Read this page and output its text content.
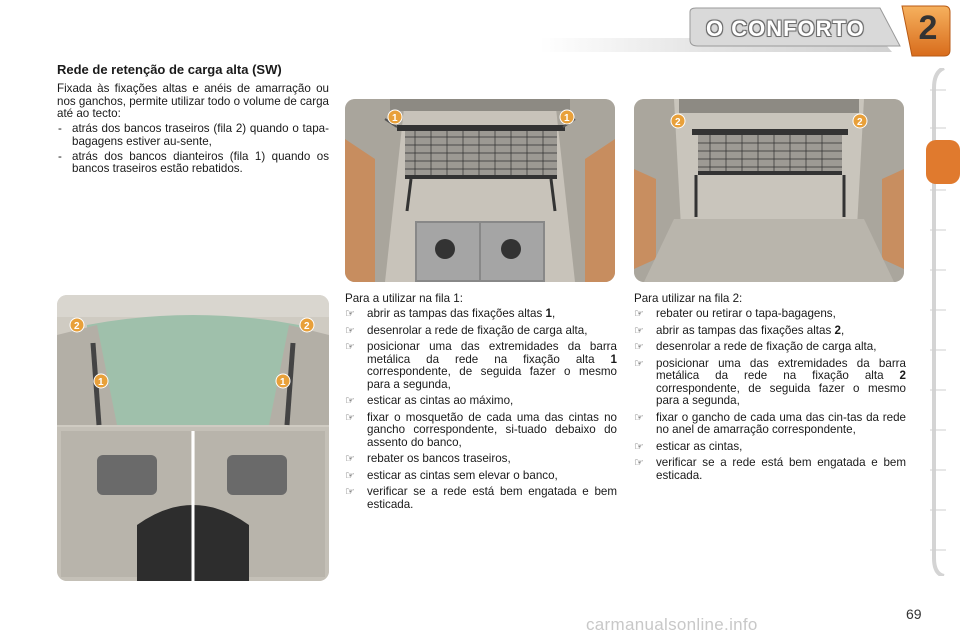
O CONFORTO 2
Rede de retenção de carga alta (SW)

Fixada às fixações altas e anéis de amarração ou nos ganchos, permite utilizar todo o volume de carga até ao tecto:

- atrás dos bancos traseiros (fila 2) quando o tapa-bagagens estiver au-sente,
- atrás dos bancos dianteiros (fila 1) quando os bancos traseiros estão rebatidos.
1	1	2	2
2	2
1	1

Para a utilizar na fila 1:

☞ abrir as tampas das fixações altas 1,
☞ desenrolar a rede de fixação de carga alta,
☞ posicionar uma das extremidades da barra metálica da rede na fixação alta 1 correspondente, de seguida fazer o mesmo para a segunda,
☞ esticar as cintas ao máximo,
☞ fixar o mosquetão de cada uma das cintas no gancho correspondente, si-tuado debaixo do assento do banco,
☞ rebater os bancos traseiros,
☞ esticar as cintas sem elevar o banco,
☞ verificar se a rede está bem engatada e bem esticada.

Para utilizar na fila 2:

☞ rebater ou retirar o tapa-bagagens,
☞ abrir as tampas das fixações altas 2,
☞ desenrolar a rede de fixação de carga alta,
☞ posicionar uma das extremidades da barra metálica da rede na fixação alta 2 correspondente, de seguida fazer o mesmo para a segunda,
☞ fixar o gancho de cada uma das cin-tas da rede no anel de amarração correspondente,
☞ esticar as cintas,
☞ verificar se a rede está bem engatada e bem esticada.
69
carmanualsonline.info
